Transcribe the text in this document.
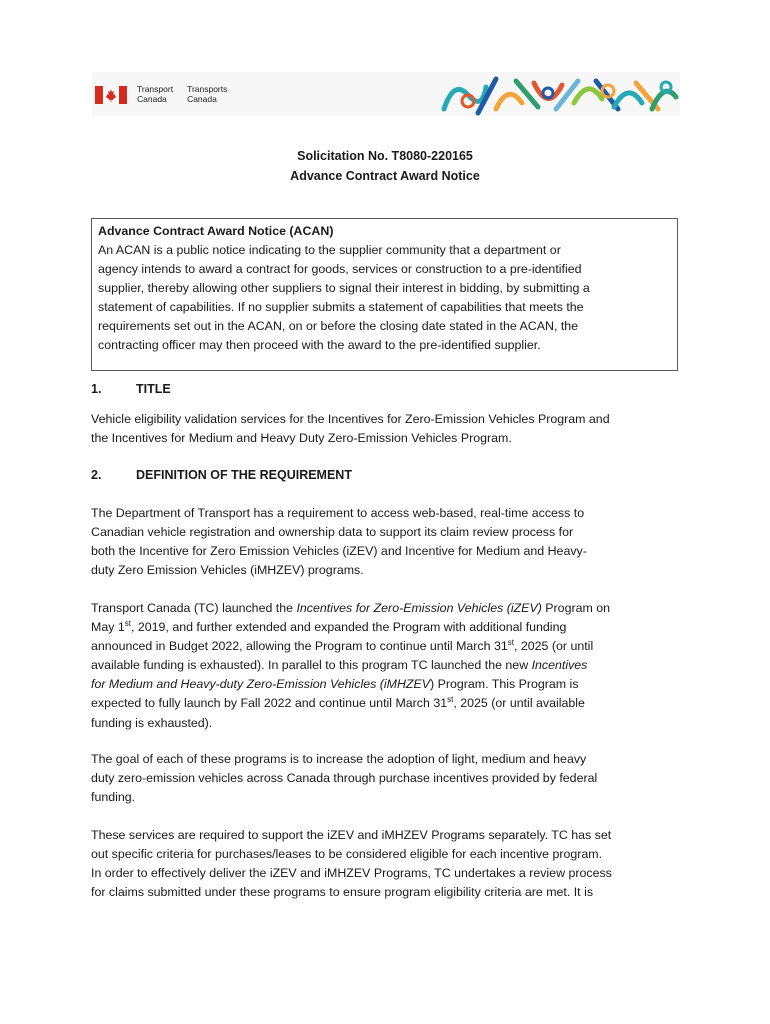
Transport
Canada
Transports
Canada
Solicitation No. T8080-220165
Advance Contract Award Notice
Advance Contract Award Notice (ACAN)
An ACAN is a public notice indicating to the supplier community that a department or
agency intends to award a contract for goods, services or construction to a pre-identified
supplier, thereby allowing other suppliers to signal their interest in bidding, by submitting a
statement of capabilities. If no supplier submits a statement of capabilities that meets the
requirements set out in the ACAN, on or before the closing date stated in the ACAN, the
contracting officer may then proceed with the award to the pre-identified supplier.
1.	TITLE
Vehicle eligibility validation services for the Incentives for Zero-Emission Vehicles Program and
the Incentives for Medium and Heavy Duty Zero-Emission Vehicles Program.
2.	DEFINITION OF THE REQUIREMENT
The Department of Transport has a requirement to access web-based, real-time access to
Canadian vehicle registration and ownership data to support its claim review process for
both the Incentive for Zero Emission Vehicles (iZEV) and Incentive for Medium and Heavy-
duty Zero Emission Vehicles (iMHZEV) programs.
Transport Canada (TC) launched the Incentives for Zero-Emission Vehicles (iZEV) Program on
May 1st, 2019, and further extended and expanded the Program with additional funding
announced in Budget 2022, allowing the Program to continue until March 31st, 2025 (or until
available funding is exhausted). In parallel to this program TC launched the new Incentives
for Medium and Heavy-duty Zero-Emission Vehicles (iMHZEV) Program. This Program is
expected to fully launch by Fall 2022 and continue until March 31st, 2025 (or until available
funding is exhausted).
The goal of each of these programs is to increase the adoption of light, medium and heavy
duty zero-emission vehicles across Canada through purchase incentives provided by federal
funding.
These services are required to support the iZEV and iMHZEV Programs separately. TC has set
out specific criteria for purchases/leases to be considered eligible for each incentive program.
In order to effectively deliver the iZEV and iMHZEV Programs, TC undertakes a review process
for claims submitted under these programs to ensure program eligibility criteria are met. It is
